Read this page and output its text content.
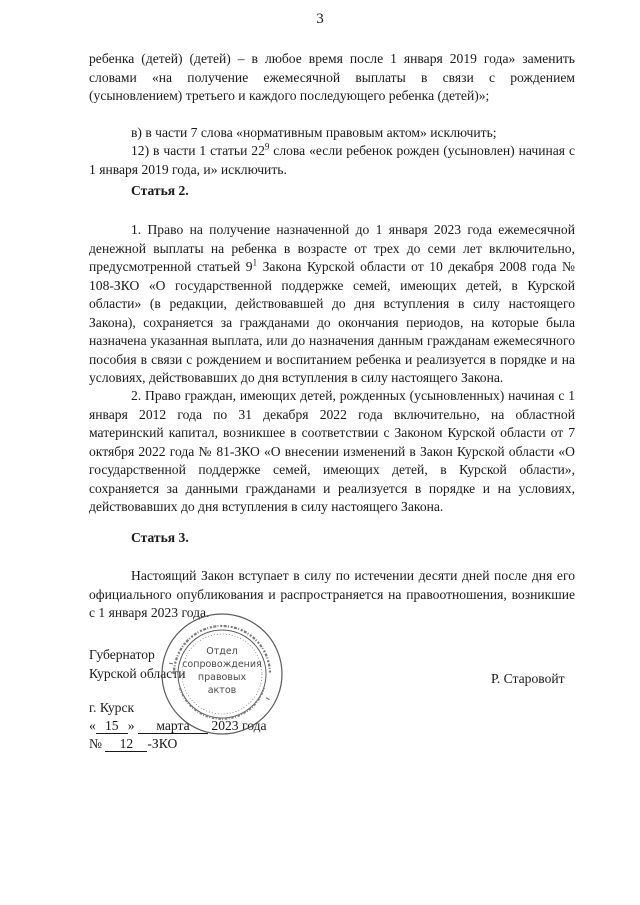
3
ребенка (детей) (детей) – в любое время после 1 января 2019 года» заменить словами «на получение ежемесячной выплаты в связи с рождением (усыновлением) третьего и каждого последующего ребенка (детей)»;
в) в части 7 слова «нормативным правовым актом» исключить;
12) в части 1 статьи $22^9$ слова «если ребенок рожден (усыновлен) начиная с 1 января 2019 года, и» исключить.
Статья 2.
1. Право на получение назначенной до 1 января 2023 года ежемесячной денежной выплаты на ребенка в возрасте от трех до семи лет включительно, предусмотренной статьей $9^1$ Закона Курской области от 10 декабря 2008 года № 108-ЗКО «О государственной поддержке семей, имеющих детей, в Курской области» (в редакции, действовавшей до дня вступления в силу настоящего Закона), сохраняется за гражданами до окончания периодов, на которые была назначена указанная выплата, или до назначения данным гражданам ежемесячного пособия в связи с рождением и воспитанием ребенка и реализуется в порядке и на условиях, действовавших до дня вступления в силу настоящего Закона.
2. Право граждан, имеющих детей, рожденных (усыновленных) начиная с 1 января 2012 года по 31 декабря 2022 года включительно, на областной материнский капитал, возникшее в соответствии с Законом Курской области от 7 октября 2022 года № 81-ЗКО «О внесении изменений в Закон Курской области «О государственной поддержке семей, имеющих детей, в Курской области», сохраняется за данными гражданами и реализуется в порядке и на условиях, действовавших до дня вступления в силу настоящего Закона.
Статья 3.
Настоящий Закон вступает в силу по истечении десяти дней после дня его официального опубликования и распространяется на правоотношения, возникшие с 1 января 2023 года.
Губернатор
Курской области	Р. Старовойт
г. Курск
« 15 » марта 2023 года
№ 12 -ЗКО
Отдел
сопровождения
правовых
актов
